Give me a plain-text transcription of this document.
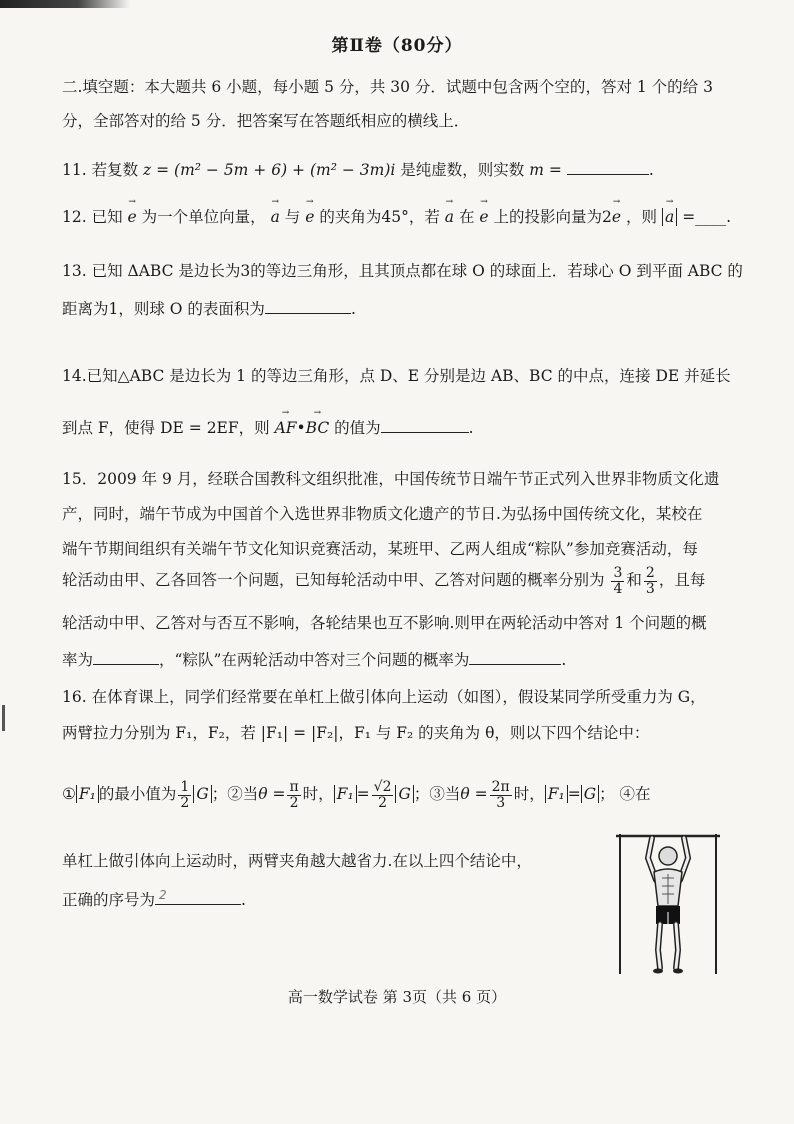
第Ⅱ卷（80分）
二.填空题：本大题共 6 小题，每小题 5 分，共 30 分．试题中包含两个空的，答对 1 个的给 3
分，全部答对的给 5 分．把答案写在答题纸相应的横线上．
11. 若复数 z = (m² − 5m + 6) + (m² − 3m)i 是纯虚数，则实数 m =	.
12. 已知 → e 为一个单位向量， → a 与 → e 的夹角为45°，若 → a 在 → e 上的投影向量为2→ e ，则 → a =____.
13. 已知 ΔABC 是边长为3的等边三角形，且其顶点都在球 O 的球面上．若球心 O 到平面 ABC 的
距离为1，则球 O 的表面积为	.
14.已知△ABC 是边长为 1 的等边三角形，点 D、E 分别是边 AB、BC 的中点，连接 DE 并延长
到点 F，使得 DE = 2EF，则 → AF•→ BC 的值为	.
15．2009 年 9 月，经联合国教科文组织批准，中国传统节日端午节正式列入世界非物质文化遗
产，同时，端午节成为中国首个入选世界非物质文化遗产的节日.为弘扬中国传统文化，某校在
端午节期间组织有关端午节文化知识竞赛活动，某班甲、乙两人组成“粽队”参加竞赛活动，每
轮活动由甲、乙各回答一个问题，已知每轮活动中甲、乙答对问题的概率分别为 $\frac{3}{4}$ 和 $\frac{2}{3}$ ，且每
轮活动中甲、乙答对与否互不影响，各轮结果也互不影响.则甲在两轮活动中答对 1 个问题的概
率为	，“粽队”在两轮活动中答对三个问题的概率为	.
16. 在体育课上，同学们经常要在单杠上做引体向上运动（如图），假设某同学所受重力为 G，
两臂拉力分别为 F₁，F₂，若 |F₁| = |F₂|，F₁ 与 F₂ 的夹角为 θ，则以下四个结论中：
① F₁ 的最小值为 $\frac{1}{2}$ G ；②当$\theta = \frac{\pi}{2}$ 时， $F_1 = \frac{√2}{2}$ G ；③当$\theta = \frac{2\pi}{3}$ 时， F₁ = G ； ④在
单杠上做引体向上运动时，两臂夹角越大越省力.在以上四个结论中，
正确的序号为 2	.
高一数学试卷 第 3页（共 6 页）
